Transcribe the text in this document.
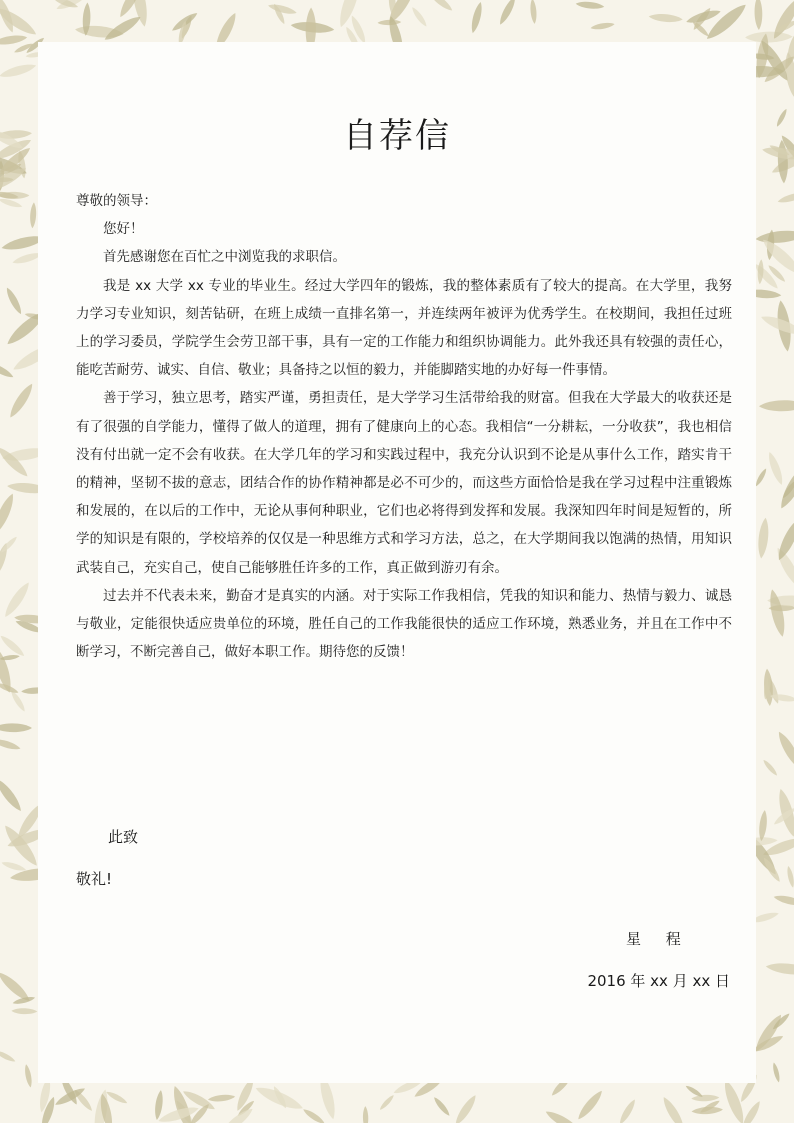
自荐信

尊敬的领导：

您好！

首先感谢您在百忙之中浏览我的求职信。

我是 xx 大学 xx 专业的毕业生。经过大学四年的锻炼，我的整体素质有了较大的提高。在大学里，我努力学习专业知识，刻苦钻研，在班上成绩一直排名第一，并连续两年被评为优秀学生。在校期间，我担任过班上的学习委员，学院学生会劳卫部干事，具有一定的工作能力和组织协调能力。此外我还具有较强的责任心，能吃苦耐劳、诚实、自信、敬业；具备持之以恒的毅力，并能脚踏实地的办好每一件事情。

善于学习，独立思考，踏实严谨，勇担责任，是大学学习生活带给我的财富。但我在大学最大的收获还是有了很强的自学能力，懂得了做人的道理，拥有了健康向上的心态。我相信“一分耕耘，一分收获”，我也相信没有付出就一定不会有收获。在大学几年的学习和实践过程中，我充分认识到不论是从事什么工作，踏实肯干的精神，坚韧不拔的意志，团结合作的协作精神都是必不可少的，而这些方面恰恰是我在学习过程中注重锻炼和发展的，在以后的工作中，无论从事何种职业，它们也必将得到发挥和发展。我深知四年时间是短暂的，所学的知识是有限的，学校培养的仅仅是一种思维方式和学习方法，总之，在大学期间我以饱满的热情，用知识武装自己，充实自己，使自己能够胜任许多的工作，真正做到游刃有余。

过去并不代表未来，勤奋才是真实的内涵。对于实际工作我相信，凭我的知识和能力、热情与毅力、诚恳与敬业，定能很快适应贵单位的环境，胜任自己的工作我能很快的适应工作环境，熟悉业务，并且在工作中不断学习，不断完善自己，做好本职工作。期待您的反馈！

此致
敬礼!
星 程
2016 年 xx 月 xx 日
